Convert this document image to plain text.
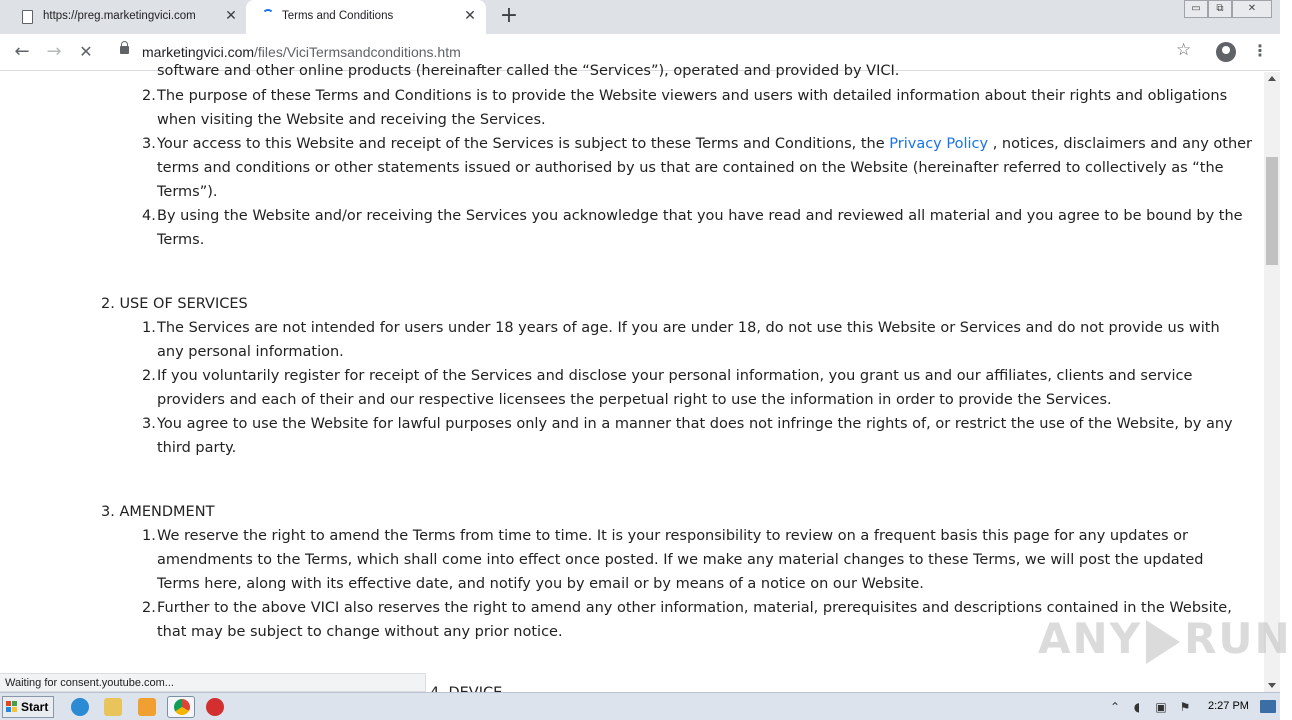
https://preg.marketingvici.com ✕	Terms and Conditions	✕ +	▭	⧉	✕
← →	✕	marketingvici.com/files/ViciTermsandconditions.htm	☆	⋮
software and other online products (hereinafter called the “Services”), operated and provided by VICI.
2. The purpose of these Terms and Conditions is to provide the Website viewers and users with detailed information about their rights and obligations
when visiting the Website and receiving the Services.
3. Your access to this Website and receipt of the Services is subject to these Terms and Conditions, the Privacy Policy , notices, disclaimers and any other
terms and conditions or other statements issued or authorised by us that are contained on the Website (hereinafter referred to collectively as “the
Terms”).
4. By using the Website and/or receiving the Services you acknowledge that you have read and reviewed all material and you agree to be bound by the
Terms.
2. USE OF SERVICES
1. The Services are not intended for users under 18 years of age. If you are under 18, do not use this Website or Services and do not provide us with
any personal information.
2. If you voluntarily register for receipt of the Services and disclose your personal information, you grant us and our affiliates, clients and service
providers and each of their and our respective licensees the perpetual right to use the information in order to provide the Services.
3. You agree to use the Website for lawful purposes only and in a manner that does not infringe the rights of, or restrict the use of the Website, by any
third party.
3. AMENDMENT
1. We reserve the right to amend the Terms from time to time. It is your responsibility to review on a frequent basis this page for any updates or
amendments to the Terms, which shall come into effect once posted. If we make any material changes to these Terms, we will post the updated
Terms here, along with its effective date, and notify you by email or by means of a notice on our Website.
2. Further to the above VICI also reserves the right to amend any other information, material, prerequisites and descriptions contained in the Website,
that may be subject to change without any prior notice.
Waiting for consent.youtube.com...
ANY RUN
Start	⌃	◖	▣ ⚑ 2:27 PM
